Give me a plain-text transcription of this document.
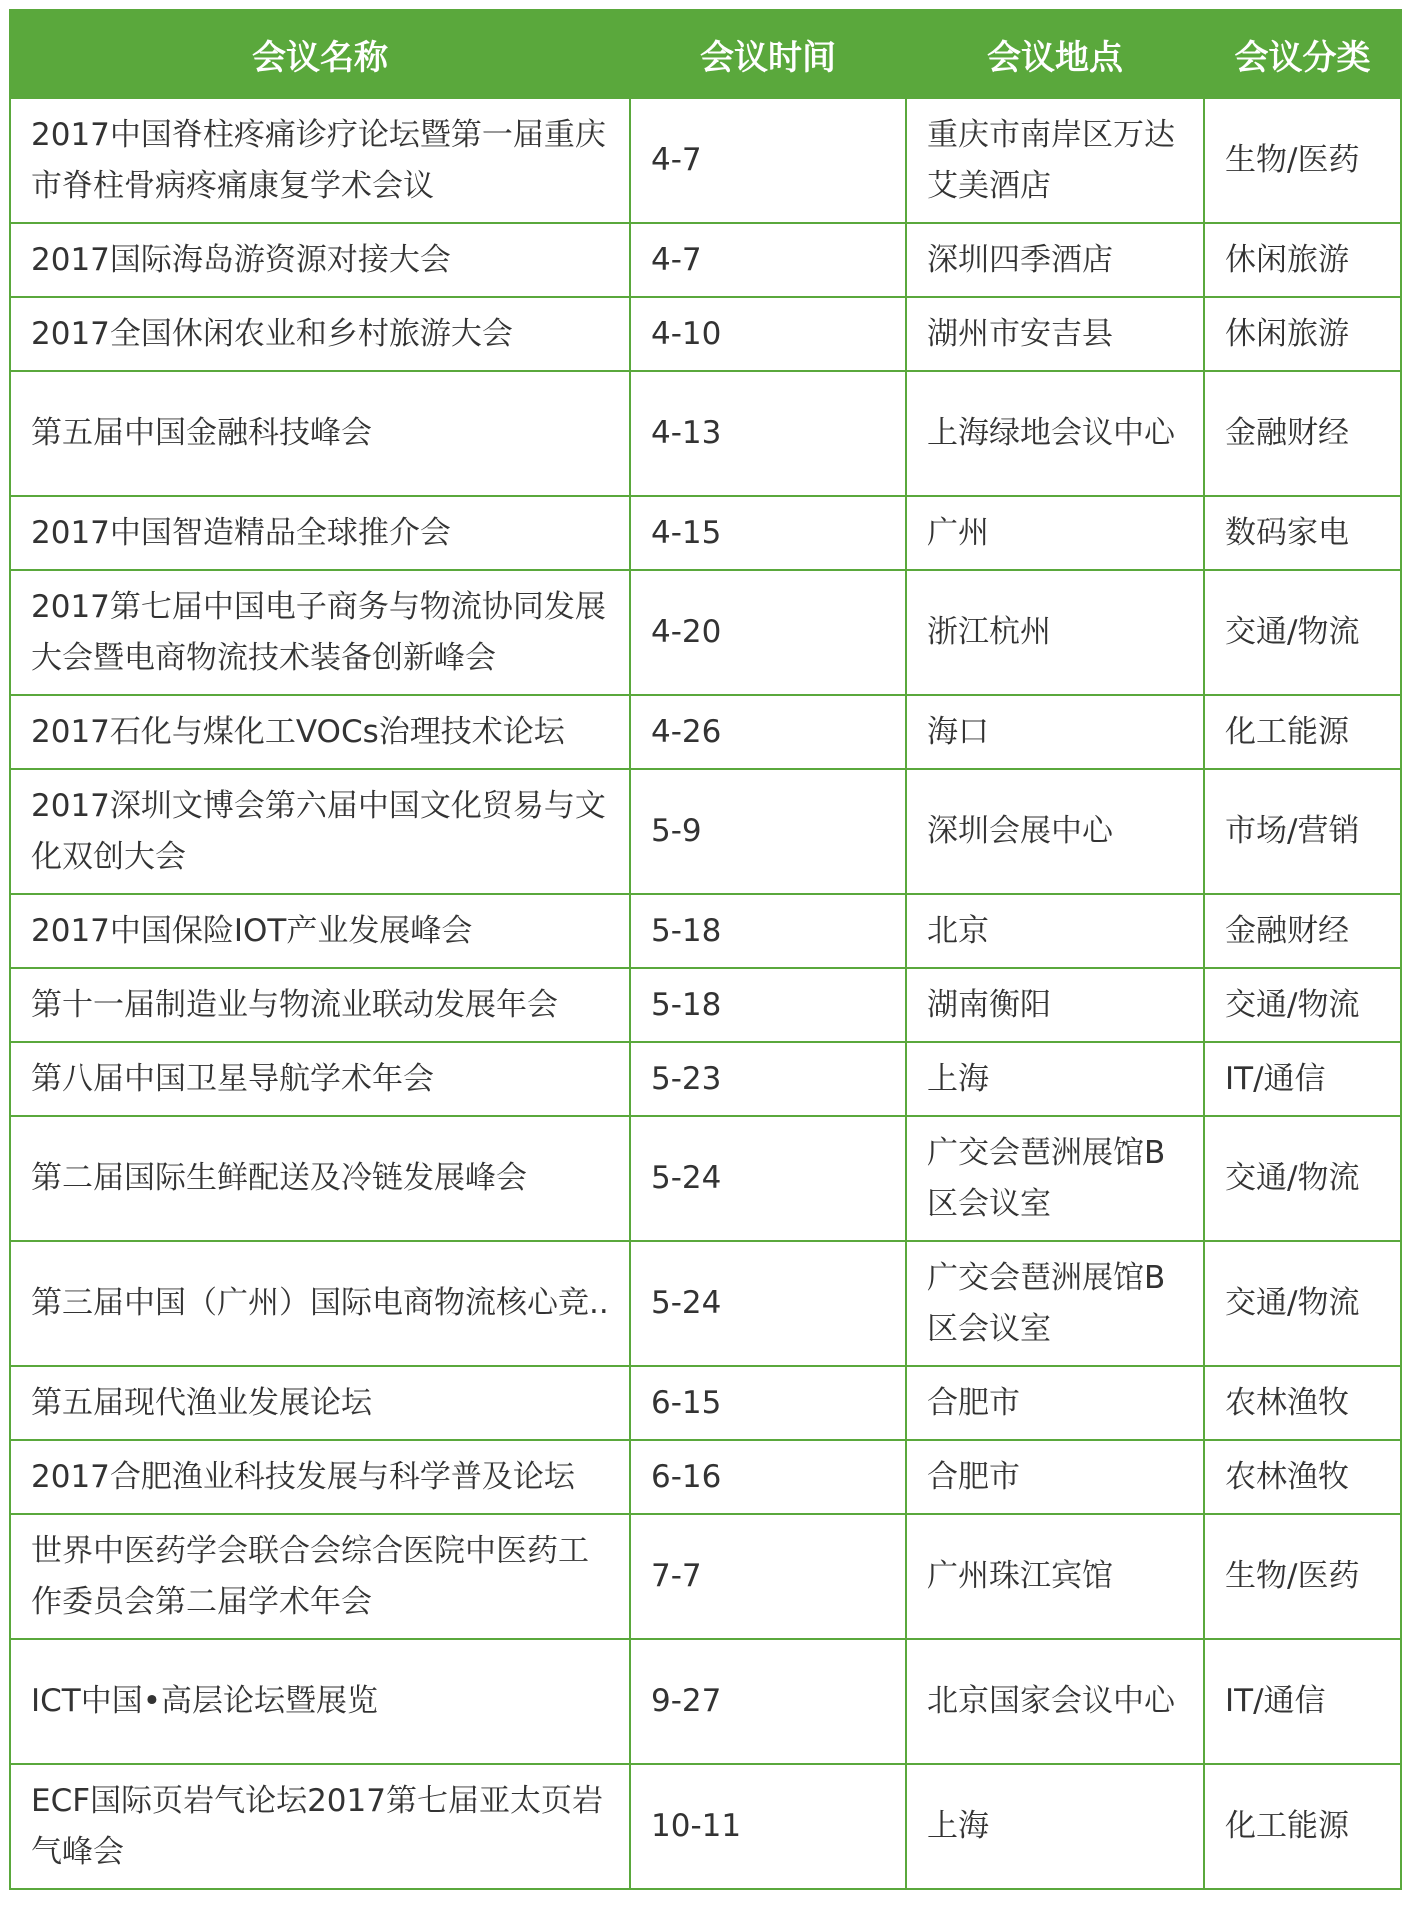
会议名称	会议时间	会议地点	会议分类
2017中国脊柱疼痛诊疗论坛暨第一届重庆市脊柱骨病疼痛康复学术会议	4-7	重庆市南岸区万达艾美酒店	生物/医药
2017国际海岛游资源对接大会	4-7	深圳四季酒店	休闲旅游
2017全国休闲农业和乡村旅游大会	4-10	湖州市安吉县	休闲旅游
第五届中国金融科技峰会	4-13	上海绿地会议中心	金融财经
2017中国智造精品全球推介会	4-15	广州	数码家电
2017第七届中国电子商务与物流协同发展大会暨电商物流技术装备创新峰会	4-20	浙江杭州	交通/物流
2017石化与煤化工VOCs治理技术论坛	4-26	海口	化工能源
2017深圳文博会第六届中国文化贸易与文化双创大会	5-9	深圳会展中心	市场/营销
2017中国保险IOT产业发展峰会	5-18	北京	金融财经
第十一届制造业与物流业联动发展年会	5-18	湖南衡阳	交通/物流
第八届中国卫星导航学术年会	5-23	上海	IT/通信
第二届国际生鲜配送及冷链发展峰会	5-24	广交会琶洲展馆B区会议室	交通/物流
第三届中国（广州）国际电商物流核心竞..	5-24	广交会琶洲展馆B区会议室	交通/物流
第五届现代渔业发展论坛	6-15	合肥市	农林渔牧
2017合肥渔业科技发展与科学普及论坛	6-16	合肥市	农林渔牧
世界中医药学会联合会综合医院中医药工作委员会第二届学术年会	7-7	广州珠江宾馆	生物/医药
ICT中国•高层论坛暨展览	9-27	北京国家会议中心	IT/通信
ECF国际页岩气论坛2017第七届亚太页岩气峰会	10-11	上海	化工能源
